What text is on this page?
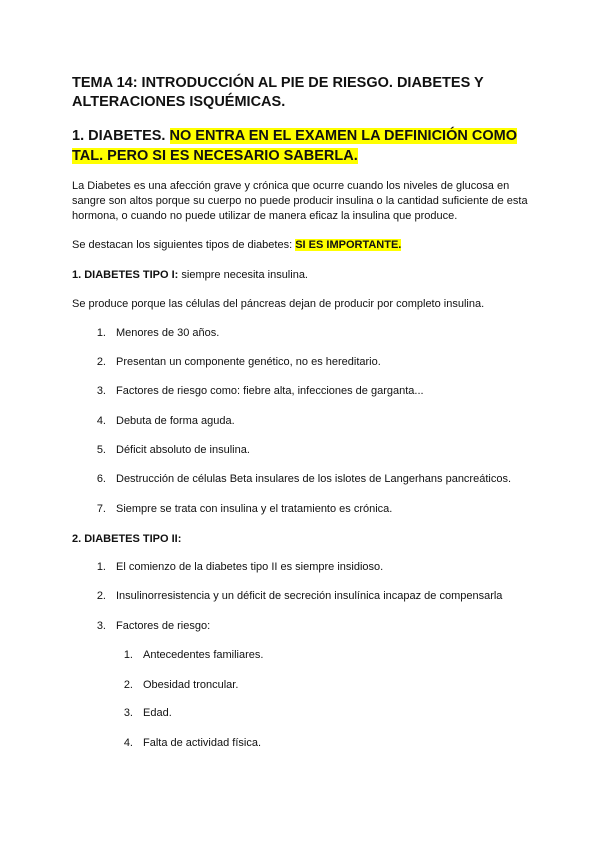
TEMA 14: INTRODUCCIÓN AL PIE DE RIESGO. DIABETES Y ALTERACIONES ISQUÉMICAS.
1. DIABETES. NO ENTRA EN EL EXAMEN LA DEFINICIÓN COMO TAL. PERO SI ES NECESARIO SABERLA.

La Diabetes es una afección grave y crónica que ocurre cuando los niveles de glucosa en sangre son altos porque su cuerpo no puede producir insulina o la cantidad suficiente de esta hormona, o cuando no puede utilizar de manera eficaz la insulina que produce.

Se destacan los siguientes tipos de diabetes: SI ES IMPORTANTE.

1. DIABETES TIPO I: siempre necesita insulina.

Se produce porque las células del páncreas dejan de producir por completo insulina.

1. Menores de 30 años.
2. Presentan un componente genético, no es hereditario.
3. Factores de riesgo como: fiebre alta, infecciones de garganta...
4. Debuta de forma aguda.
5. Déficit absoluto de insulina.
6. Destrucción de células Beta insulares de los islotes de Langerhans pancreáticos.
7. Siempre se trata con insulina y el tratamiento es crónica.

2. DIABETES TIPO II:

1. El comienzo de la diabetes tipo II es siempre insidioso.
2. Insulinorresistencia y un déficit de secreción insulínica incapaz de compensarla
3. Factores de riesgo:
1. Antecedentes familiares.
2. Obesidad troncular.
3. Edad.
4. Falta de actividad física.
